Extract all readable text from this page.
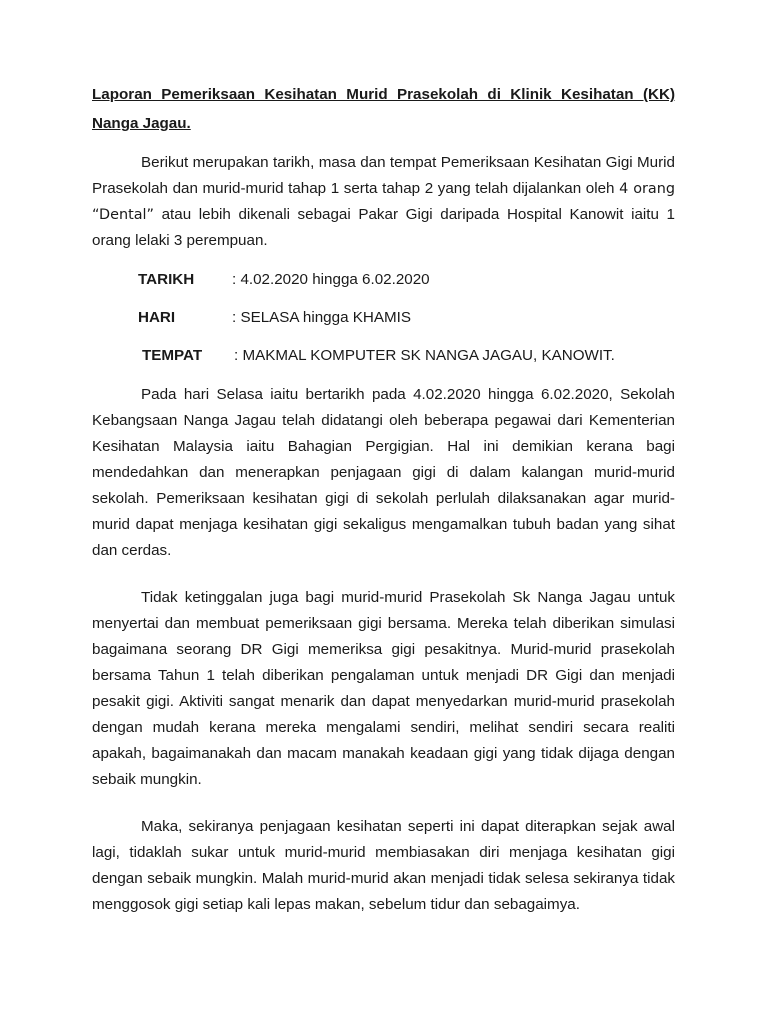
Laporan Pemeriksaan Kesihatan Murid Prasekolah di Klinik Kesihatan (KK) Nanga Jagau.

Berikut merupakan tarikh, masa dan tempat Pemeriksaan Kesihatan Gigi Murid Prasekolah dan murid-murid tahap 1 serta tahap 2 yang telah dijalankan oleh 4 orang “Dental” atau lebih dikenali sebagai Pakar Gigi daripada Hospital Kanowit iaitu 1 orang lelaki 3 perempuan.

TARIKH : 4.02.2020 hingga 6.02.2020
HARI	: SELASA hingga KHAMIS
TEMPAT : MAKMAL KOMPUTER SK NANGA JAGAU, KANOWIT.

Pada hari Selasa iaitu bertarikh pada 4.02.2020 hingga 6.02.2020, Sekolah Kebangsaan Nanga Jagau telah didatangi oleh beberapa pegawai dari Kementerian Kesihatan Malaysia iaitu Bahagian Pergigian. Hal ini demikian kerana bagi mendedahkan dan menerapkan penjagaan gigi di dalam kalangan murid-murid sekolah. Pemeriksaan kesihatan gigi di sekolah perlulah dilaksanakan agar murid-murid dapat menjaga kesihatan gigi sekaligus mengamalkan tubuh badan yang sihat dan cerdas.

Tidak ketinggalan juga bagi murid-murid Prasekolah Sk Nanga Jagau untuk menyertai dan membuat pemeriksaan gigi bersama. Mereka telah diberikan simulasi bagaimana seorang DR Gigi memeriksa gigi pesakitnya. Murid-murid prasekolah bersama Tahun 1 telah diberikan pengalaman untuk menjadi DR Gigi dan menjadi pesakit gigi. Aktiviti sangat menarik dan dapat menyedarkan murid-murid prasekolah dengan mudah kerana mereka mengalami sendiri, melihat sendiri secara realiti apakah, bagaimanakah dan macam manakah keadaan gigi yang tidak dijaga dengan sebaik mungkin.

Maka, sekiranya penjagaan kesihatan seperti ini dapat diterapkan sejak awal lagi, tidaklah sukar untuk murid-murid membiasakan diri menjaga kesihatan gigi dengan sebaik mungkin. Malah murid-murid akan menjadi tidak selesa sekiranya tidak menggosok gigi setiap kali lepas makan, sebelum tidur dan sebagaimya.
